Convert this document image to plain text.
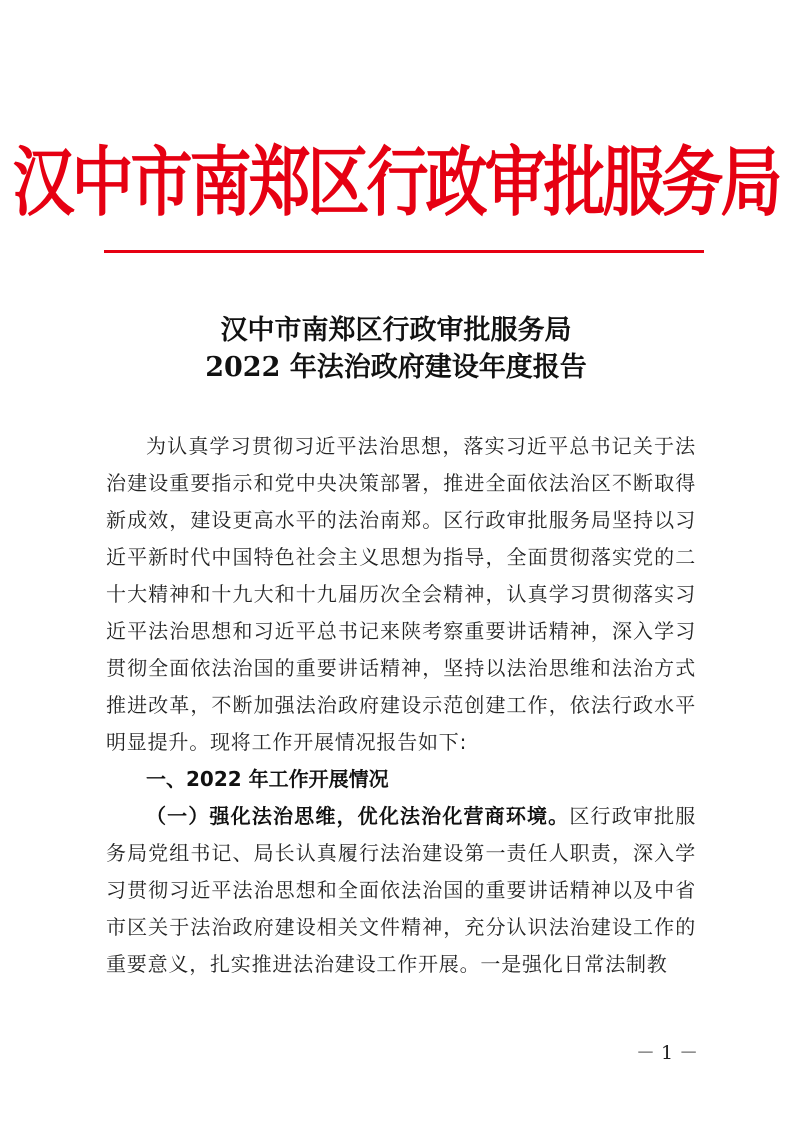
汉中市南郑区行政审批服务局
汉中市南郑区行政审批服务局
2022 年法治政府建设年度报告

为认真学习贯彻习近平法治思想，落实习近平总书记关于法治建设重要指示和党中央决策部署，推进全面依法治区不断取得新成效，建设更高水平的法治南郑。区行政审批服务局坚持以习近平新时代中国特色社会主义思想为指导，全面贯彻落实党的二十大精神和十九大和十九届历次全会精神，认真学习贯彻落实习近平法治思想和习近平总书记来陕考察重要讲话精神，深入学习贯彻全面依法治国的重要讲话精神，坚持以法治思维和法治方式推进改革，不断加强法治政府建设示范创建工作，依法行政水平明显提升。现将工作开展情况报告如下:

一、2022 年工作开展情况

（一）强化法治思维，优化法治化营商环境。区行政审批服务局党组书记、局长认真履行法治建设第一责任人职责，深入学习贯彻习近平法治思想和全面依法治国的重要讲话精神以及中省市区关于法治政府建设相关文件精神，充分认识法治建设工作的重要意义，扎实推进法治建设工作开展。一是强化日常法制教

－ 1 －
